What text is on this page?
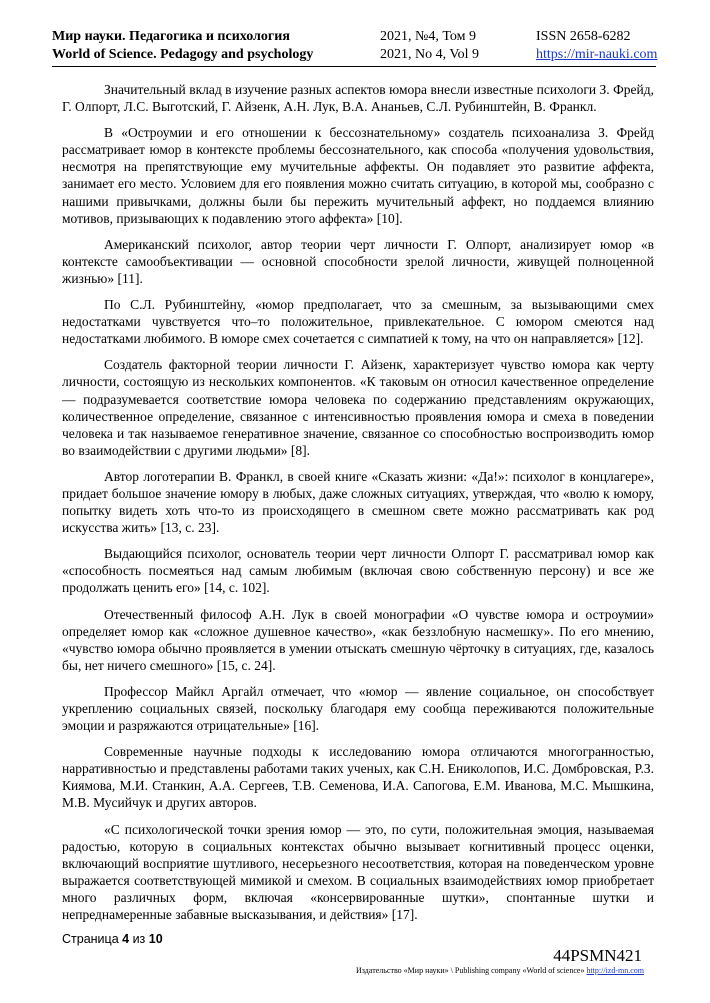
Мир науки. Педагогика и психология	2021, №4, Том 9	ISSN 2658-6282
World of Science. Pedagogy and psychology	2021, No 4, Vol 9	https://mir-nauki.com

Значительный вклад в изучение разных аспектов юмора внесли известные психологи З. Фрейд, Г. Олпорт, Л.С. Выготский, Г. Айзенк, А.Н. Лук, В.А. Ананьев, С.Л. Рубинштейн, В. Франкл.

В «Остроумии и его отношении к бессознательному» создатель психоанализа З. Фрейд рассматривает юмор в контексте проблемы бессознательного, как способа «получения удовольствия, несмотря на препятствующие ему мучительные аффекты. Он подавляет это развитие аффекта, занимает его место. Условием для его появления можно считать ситуацию, в которой мы, сообразно с нашими привычками, должны были бы пережить мучительный аффект, но поддаемся влиянию мотивов, призывающих к подавлению этого аффекта» [10].

Американский психолог, автор теории черт личности Г. Олпорт, анализирует юмор «в контексте самообъективации — основной способности зрелой личности, живущей полноценной жизнью» [11].

По С.Л. Рубинштейну, «юмор предполагает, что за смешным, за вызывающими смех недостатками чувствуется что–то положительное, привлекательное. С юмором смеются над недостатками любимого. В юморе смех сочетается с симпатией к тому, на что он направляется» [12].

Создатель факторной теории личности Г. Айзенк, характеризует чувство юмора как черту личности, состоящую из нескольких компонентов. «К таковым он относил качественное определение — подразумевается соответствие юмора человека по содержанию представлениям окружающих, количественное определение, связанное с интенсивностью проявления юмора и смеха в поведении человека и так называемое генеративное значение, связанное со способностью воспроизводить юмор во взаимодействии с другими людьми» [8].

Автор логотерапии В. Франкл, в своей книге «Сказать жизни: «Да!»: психолог в концлагере», придает большое значение юмору в любых, даже сложных ситуациях, утверждая, что «волю к юмору, попытку видеть хоть что-то из происходящего в смешном свете можно рассматривать как род искусства жить» [13, с. 23].

Выдающийся психолог, основатель теории черт личности Олпорт Г. рассматривал юмор как «способность посмеяться над самым любимым (включая свою собственную персону) и все же продолжать ценить его» [14, с. 102].

Отечественный философ А.Н. Лук в своей монографии «О чувстве юмора и остроумии» определяет юмор как «сложное душевное качество», «как беззлобную насмешку». По его мнению, «чувство юмора обычно проявляется в умении отыскать смешную чёрточку в ситуациях, где, казалось бы, нет ничего смешного» [15, с. 24].

Профессор Майкл Аргайл отмечает, что «юмор — явление социальное, он способствует укреплению социальных связей, поскольку благодаря ему сообща переживаются положительные эмоции и разряжаются отрицательные» [16].

Современные научные подходы к исследованию юмора отличаются многогранностью, нарративностью и представлены работами таких ученых, как С.Н. Ениколопов, И.С. Домбровская, Р.З. Киямова, М.И. Станкин, А.А. Сергеев, Т.В. Семенова, И.А. Сапогова, Е.М. Иванова, М.С. Мышкина, М.В. Мусийчук и других авторов.

«С психологической точки зрения юмор — это, по сути, положительная эмоция, называемая радостью, которую в социальных контекстах обычно вызывает когнитивный процесс оценки, включающий восприятие шутливого, несерьезного несоответствия, которая на поведенческом уровне выражается соответствующей мимикой и смехом. В социальных взаимодействиях юмор приобретает много различных форм, включая «консервированные шутки», спонтанные шутки и непреднамеренные забавные высказывания, и действия» [17].

Страница 4 из 10
44PSMN421
Издательство «Мир науки» \ Publishing company «World of science» http://izd-mn.com
